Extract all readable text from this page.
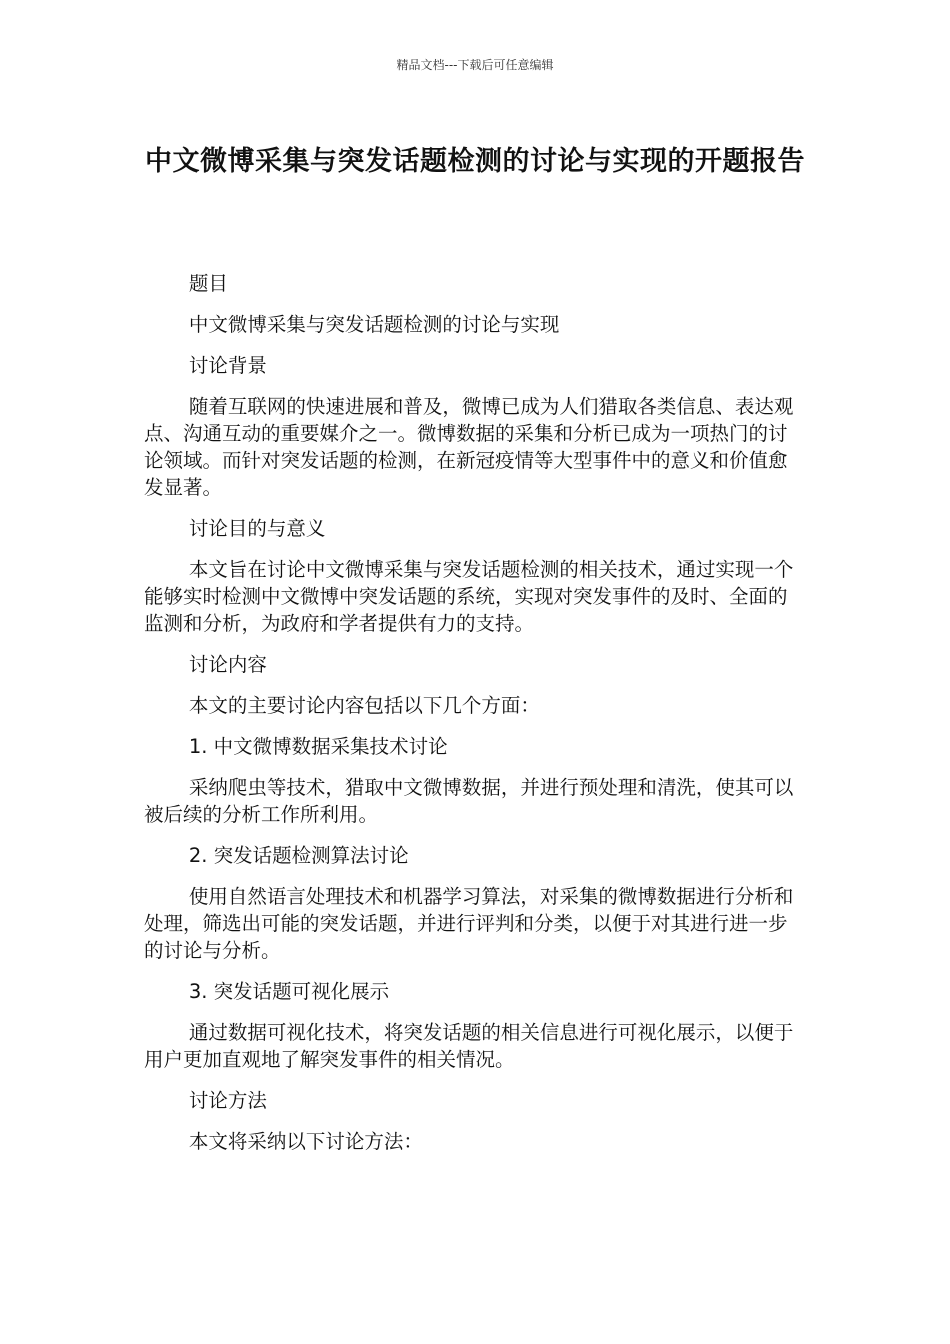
精品文档---下载后可任意编辑
中文微博采集与突发话题检测的讨论与实现的开题报告

题目

中文微博采集与突发话题检测的讨论与实现

讨论背景

随着互联网的快速进展和普及，微博已成为人们猎取各类信息、表达观点、沟通互动的重要媒介之一。微博数据的采集和分析已成为一项热门的讨论领域。而针对突发话题的检测，在新冠疫情等大型事件中的意义和价值愈发显著。

讨论目的与意义

本文旨在讨论中文微博采集与突发话题检测的相关技术，通过实现一个能够实时检测中文微博中突发话题的系统，实现对突发事件的及时、全面的监测和分析，为政府和学者提供有力的支持。

讨论内容

本文的主要讨论内容包括以下几个方面：

1. 中文微博数据采集技术讨论

采纳爬虫等技术，猎取中文微博数据，并进行预处理和清洗，使其可以被后续的分析工作所利用。

2. 突发话题检测算法讨论

使用自然语言处理技术和机器学习算法，对采集的微博数据进行分析和处理，筛选出可能的突发话题，并进行评判和分类，以便于对其进行进一步的讨论与分析。

3. 突发话题可视化展示

通过数据可视化技术，将突发话题的相关信息进行可视化展示，以便于用户更加直观地了解突发事件的相关情况。

讨论方法

本文将采纳以下讨论方法：
